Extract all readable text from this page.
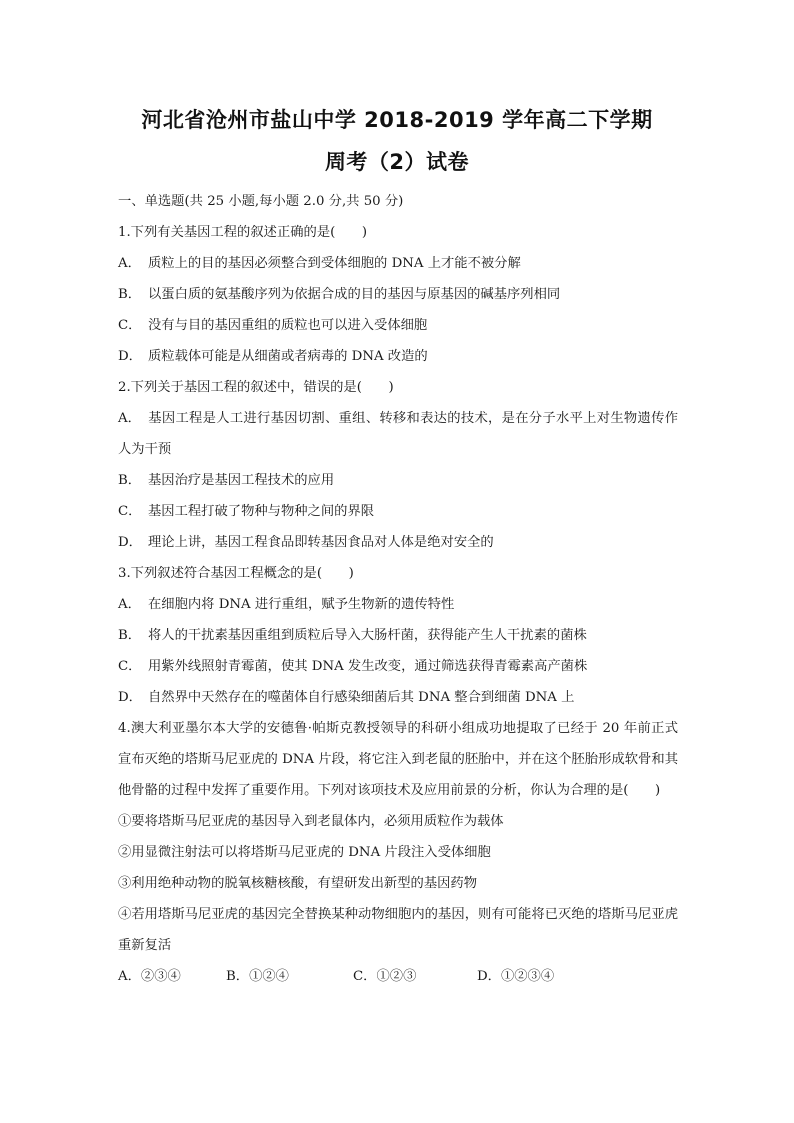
河北省沧州市盐山中学 2018-2019 学年高二下学期
周考（2）试卷
一、单选题(共 25 小题,每小题 2.0 分,共 50 分)
1.下列有关基因工程的叙述正确的是(　　)
A． 质粒上的目的基因必须整合到受体细胞的 DNA 上才能不被分解
B． 以蛋白质的氨基酸序列为依据合成的目的基因与原基因的碱基序列相同
C． 没有与目的基因重组的质粒也可以进入受体细胞
D． 质粒载体可能是从细菌或者病毒的 DNA 改造的
2.下列关于基因工程的叙述中，错误的是(　　)
A． 基因工程是人工进行基因切割、重组、转移和表达的技术，是在分子水平上对生物遗传作人为干预
B． 基因治疗是基因工程技术的应用
C． 基因工程打破了物种与物种之间的界限
D． 理论上讲，基因工程食品即转基因食品对人体是绝对安全的
3.下列叙述符合基因工程概念的是(　　)
A． 在细胞内将 DNA 进行重组，赋予生物新的遗传特性
B． 将人的干扰素基因重组到质粒后导入大肠杆菌，获得能产生人干扰素的菌株
C． 用紫外线照射青霉菌，使其 DNA 发生改变，通过筛选获得青霉素高产菌株
D． 自然界中天然存在的噬菌体自行感染细菌后其 DNA 整合到细菌 DNA 上
4.澳大利亚墨尔本大学的安德鲁·帕斯克教授领导的科研小组成功地提取了已经于 20 年前正式宣布灭绝的塔斯马尼亚虎的 DNA 片段，将它注入到老鼠的胚胎中，并在这个胚胎形成软骨和其他骨骼的过程中发挥了重要作用。下列对该项技术及应用前景的分析，你认为合理的是(　　)
①要将塔斯马尼亚虎的基因导入到老鼠体内，必须用质粒作为载体
②用显微注射法可以将塔斯马尼亚虎的 DNA 片段注入受体细胞
③利用绝种动物的脱氧核糖核酸，有望研发出新型的基因药物
④若用塔斯马尼亚虎的基因完全替换某种动物细胞内的基因，则有可能将已灭绝的塔斯马尼亚虎重新复活
A．②③④	B．①②④	C．①②③	D．①②③④
